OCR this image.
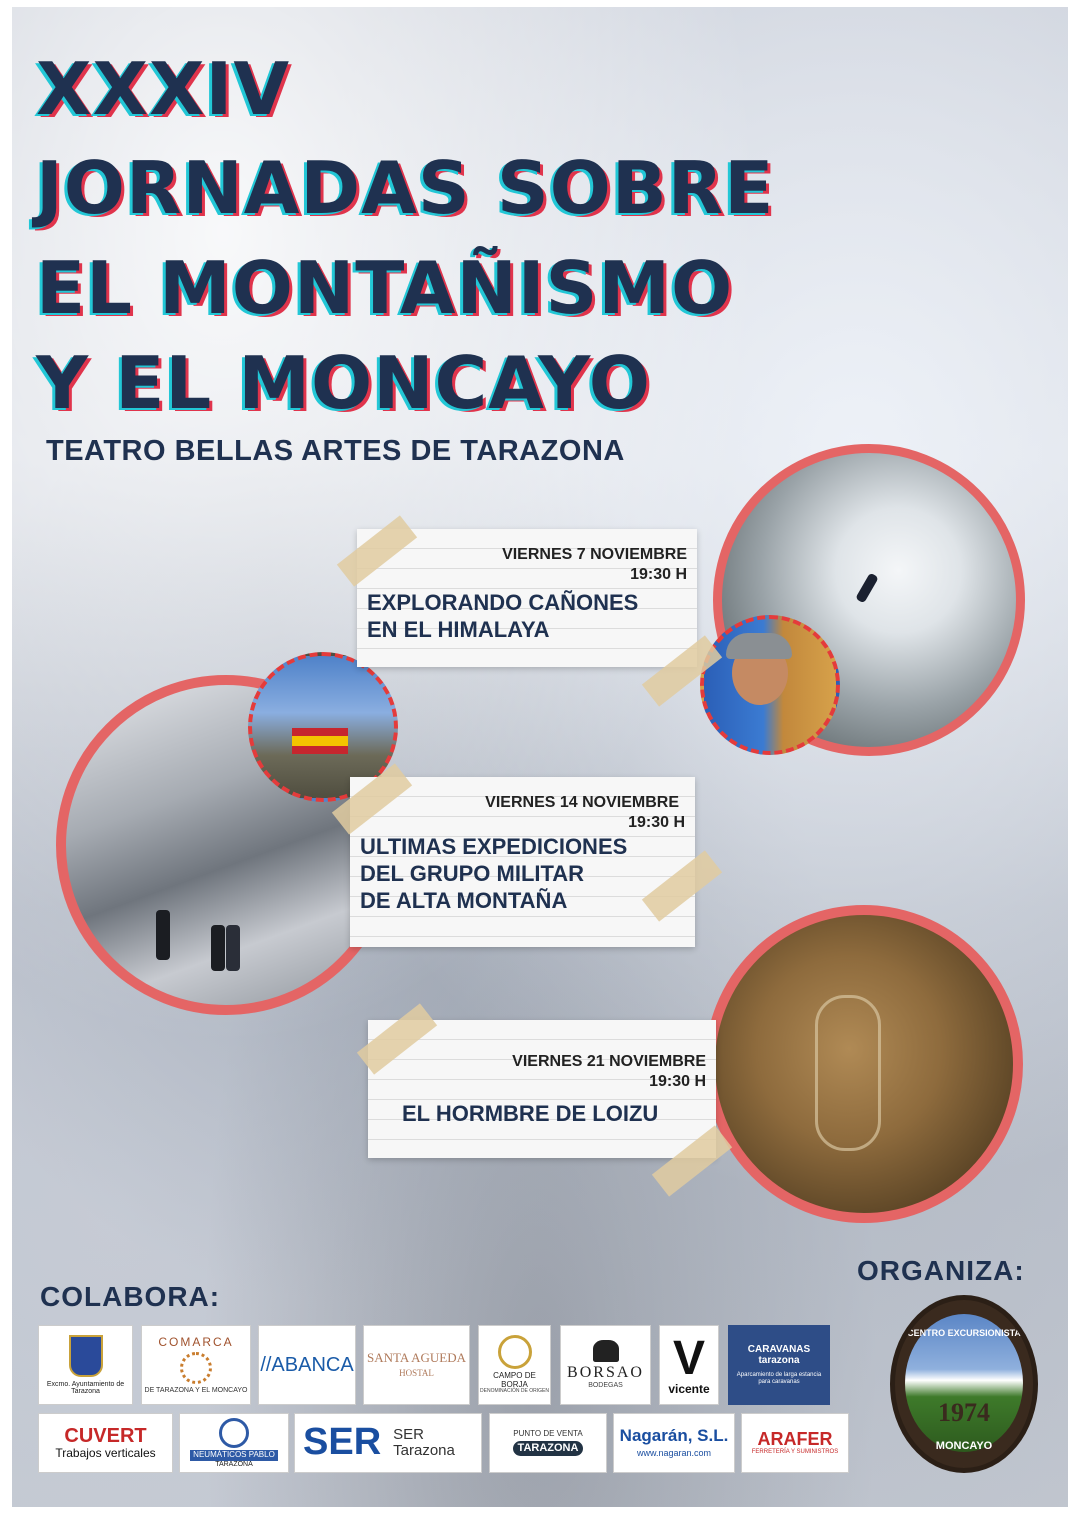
XXXIV
JORNADAS SOBRE
EL MONTAÑISMO
Y EL MONCAYO
TEATRO BELLAS ARTES DE TARAZONA
VIERNES 7 NOVIEMBRE
19:30 H
EXPLORANDO CAÑONES
EN EL HIMALAYA
VIERNES 14 NOVIEMBRE
19:30 H
ULTIMAS EXPEDICIONES
DEL GRUPO MILITAR
DE ALTA MONTAÑA
VIERNES 21 NOVIEMBRE
19:30 H
EL HORMBRE DE LOIZU
COLABORA:
ORGANIZA:
Excmo. Ayuntamiento de Tarazona
COMARCA
DE TARAZONA Y EL MONCAYO
//ABANCA SANTA AGUEDA
HOSTAL	CAMPO DE BORJA
DENOMINACIÓN DE ORIGEN
BORSAO
BODEGAS
V
vicente
CARAVANAS tarazona
Aparcamiento de larga estancia para caravanas
CUVERT
Trabajos verticales	NEUMÁTICOS PABLO
TARAZONA
SER SER
Tarazona
PUNTO DE VENTA
TARAZONA
Nagarán, S.L.
www.nagaran.com
ARAFER
FERRETERÍA Y SUMINISTROS
CENTRO EXCURSIONISTA
1974
MONCAYO
